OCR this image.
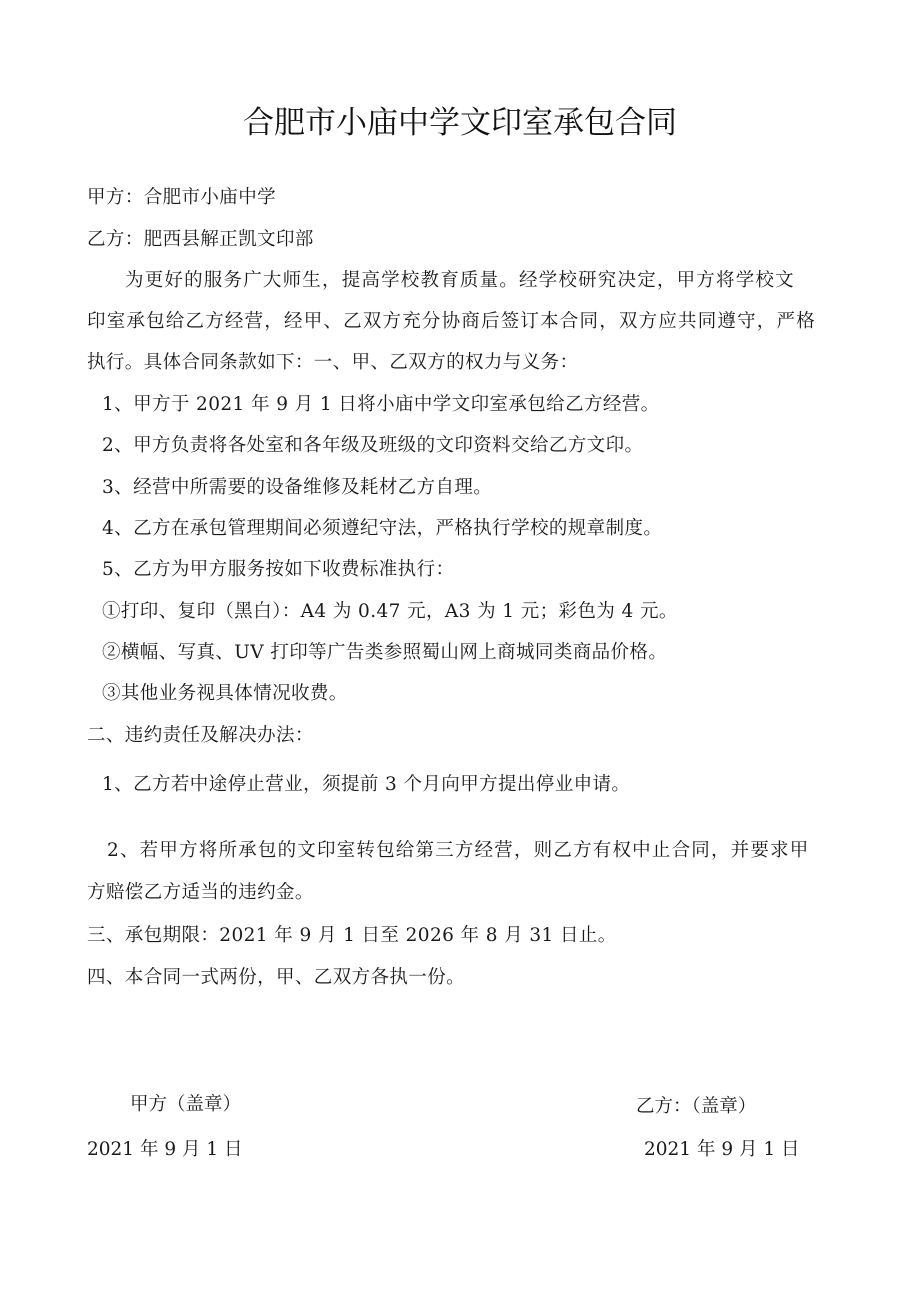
合肥市小庙中学文印室承包合同
甲方：合肥市小庙中学
乙方：肥西县解正凯文印部
为更好的服务广大师生，提高学校教育质量。经学校研究决定，甲方将学校文
印室承包给乙方经营，经甲、乙双方充分协商后签订本合同，双方应共同遵守，严格
执行。具体合同条款如下：一、甲、乙双方的权力与义务：
1、甲方于 2021 年 9 月 1 日将小庙中学文印室承包给乙方经营。
2、甲方负责将各处室和各年级及班级的文印资料交给乙方文印。
3、经营中所需要的设备维修及耗材乙方自理。
4、乙方在承包管理期间必须遵纪守法，严格执行学校的规章制度。
5、乙方为甲方服务按如下收费标准执行：
①打印、复印（黑白）：A4 为 0.47 元，A3 为 1 元；彩色为 4 元。
②横幅、写真、UV 打印等广告类参照蜀山网上商城同类商品价格。
③其他业务视具体情况收费。
二、违约责任及解决办法：
1、乙方若中途停止营业，须提前 3 个月向甲方提出停业申请。
2、若甲方将所承包的文印室转包给第三方经营，则乙方有权中止合同，并要求甲
方赔偿乙方适当的违约金。
三、承包期限：2021 年 9 月 1 日至 2026 年 8 月 31 日止。
四、本合同一式两份，甲、乙双方各执一份。
甲方（盖章）	乙方：（盖章）
2021 年 9 月 1 日	2021 年 9 月 1 日
